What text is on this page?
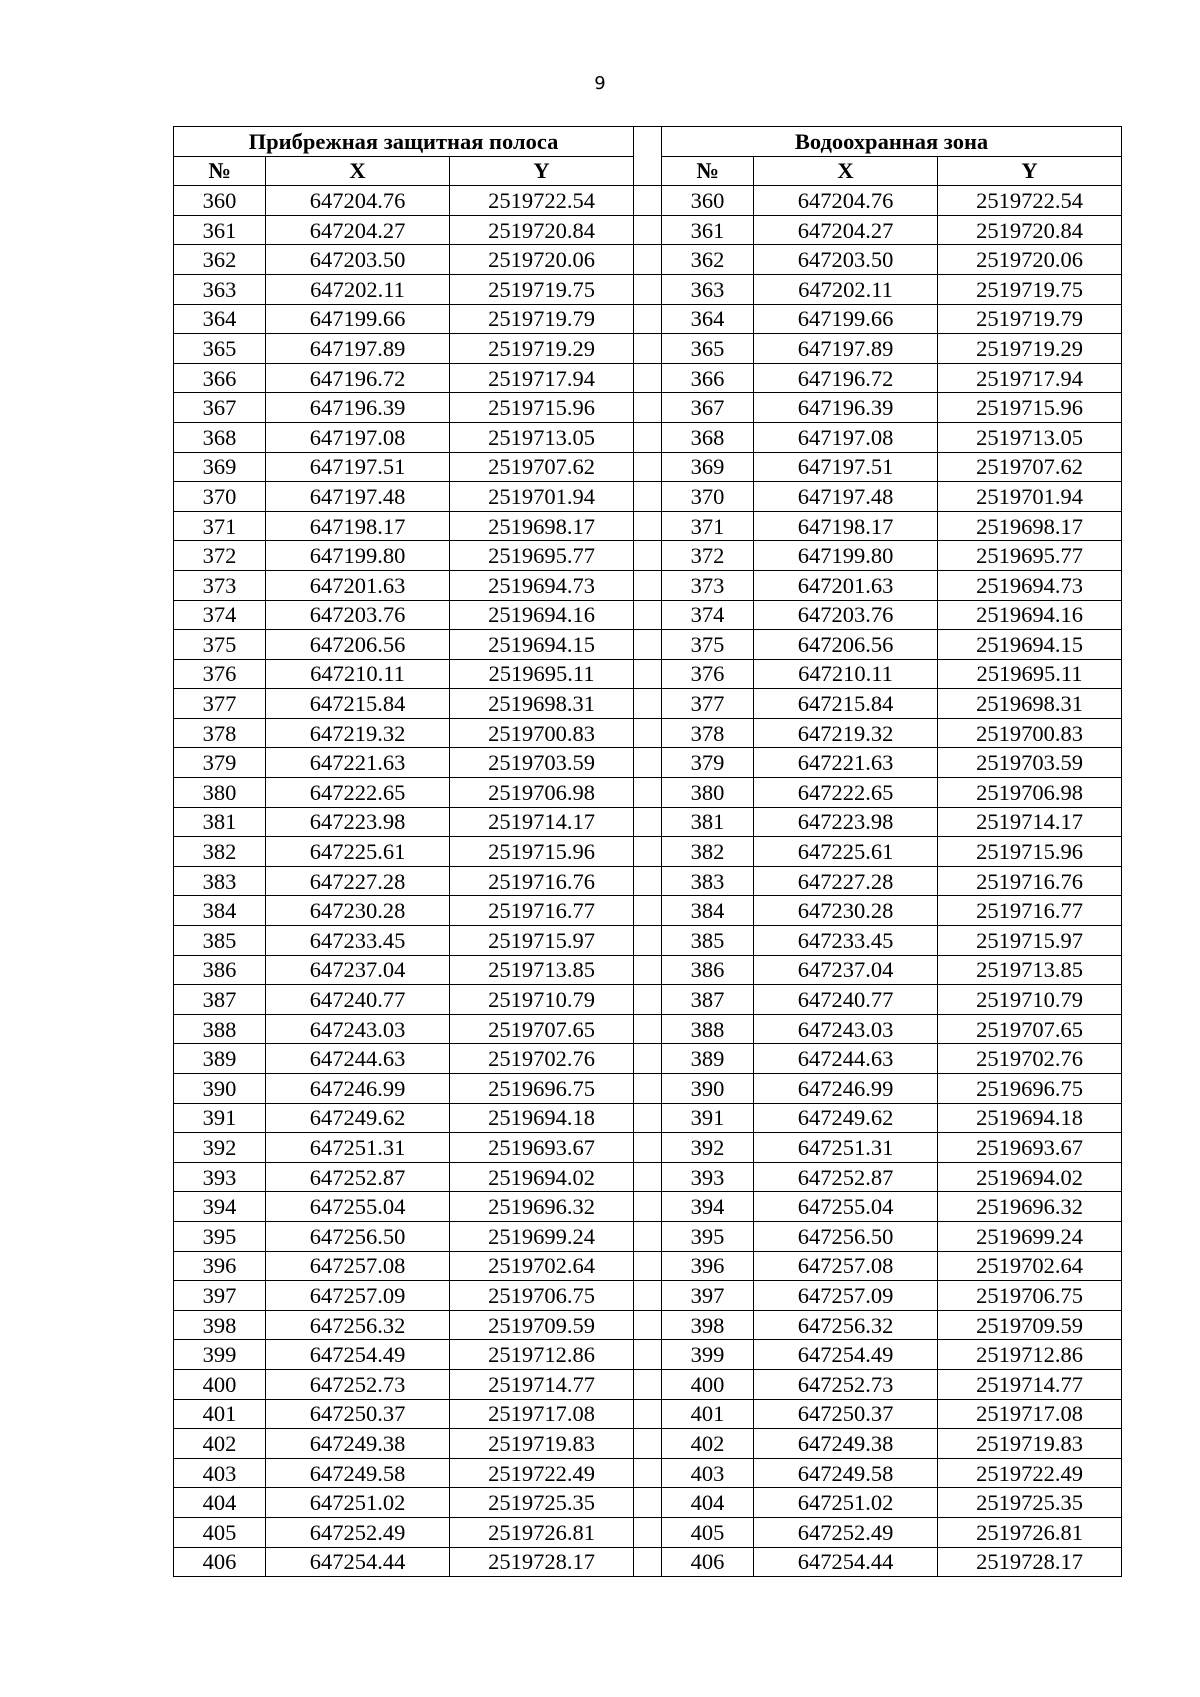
9
Прибрежная защитная полоса				Водоохранная зона		
№	X	Y		№	X	Y
360	647204.76	2519722.54		360	647204.76	2519722.54
361	647204.27	2519720.84		361	647204.27	2519720.84
362	647203.50	2519720.06		362	647203.50	2519720.06
363	647202.11	2519719.75		363	647202.11	2519719.75
364	647199.66	2519719.79		364	647199.66	2519719.79
365	647197.89	2519719.29		365	647197.89	2519719.29
366	647196.72	2519717.94		366	647196.72	2519717.94
367	647196.39	2519715.96		367	647196.39	2519715.96
368	647197.08	2519713.05		368	647197.08	2519713.05
369	647197.51	2519707.62		369	647197.51	2519707.62
370	647197.48	2519701.94		370	647197.48	2519701.94
371	647198.17	2519698.17		371	647198.17	2519698.17
372	647199.80	2519695.77		372	647199.80	2519695.77
373	647201.63	2519694.73		373	647201.63	2519694.73
374	647203.76	2519694.16		374	647203.76	2519694.16
375	647206.56	2519694.15		375	647206.56	2519694.15
376	647210.11	2519695.11		376	647210.11	2519695.11
377	647215.84	2519698.31		377	647215.84	2519698.31
378	647219.32	2519700.83		378	647219.32	2519700.83
379	647221.63	2519703.59		379	647221.63	2519703.59
380	647222.65	2519706.98		380	647222.65	2519706.98
381	647223.98	2519714.17		381	647223.98	2519714.17
382	647225.61	2519715.96		382	647225.61	2519715.96
383	647227.28	2519716.76		383	647227.28	2519716.76
384	647230.28	2519716.77		384	647230.28	2519716.77
385	647233.45	2519715.97		385	647233.45	2519715.97
386	647237.04	2519713.85		386	647237.04	2519713.85
387	647240.77	2519710.79		387	647240.77	2519710.79
388	647243.03	2519707.65		388	647243.03	2519707.65
389	647244.63	2519702.76		389	647244.63	2519702.76
390	647246.99	2519696.75		390	647246.99	2519696.75
391	647249.62	2519694.18		391	647249.62	2519694.18
392	647251.31	2519693.67		392	647251.31	2519693.67
393	647252.87	2519694.02		393	647252.87	2519694.02
394	647255.04	2519696.32		394	647255.04	2519696.32
395	647256.50	2519699.24		395	647256.50	2519699.24
396	647257.08	2519702.64		396	647257.08	2519702.64
397	647257.09	2519706.75		397	647257.09	2519706.75
398	647256.32	2519709.59		398	647256.32	2519709.59
399	647254.49	2519712.86		399	647254.49	2519712.86
400	647252.73	2519714.77		400	647252.73	2519714.77
401	647250.37	2519717.08		401	647250.37	2519717.08
402	647249.38	2519719.83		402	647249.38	2519719.83
403	647249.58	2519722.49		403	647249.58	2519722.49
404	647251.02	2519725.35		404	647251.02	2519725.35
405	647252.49	2519726.81		405	647252.49	2519726.81
406	647254.44	2519728.17		406	647254.44	2519728.17
